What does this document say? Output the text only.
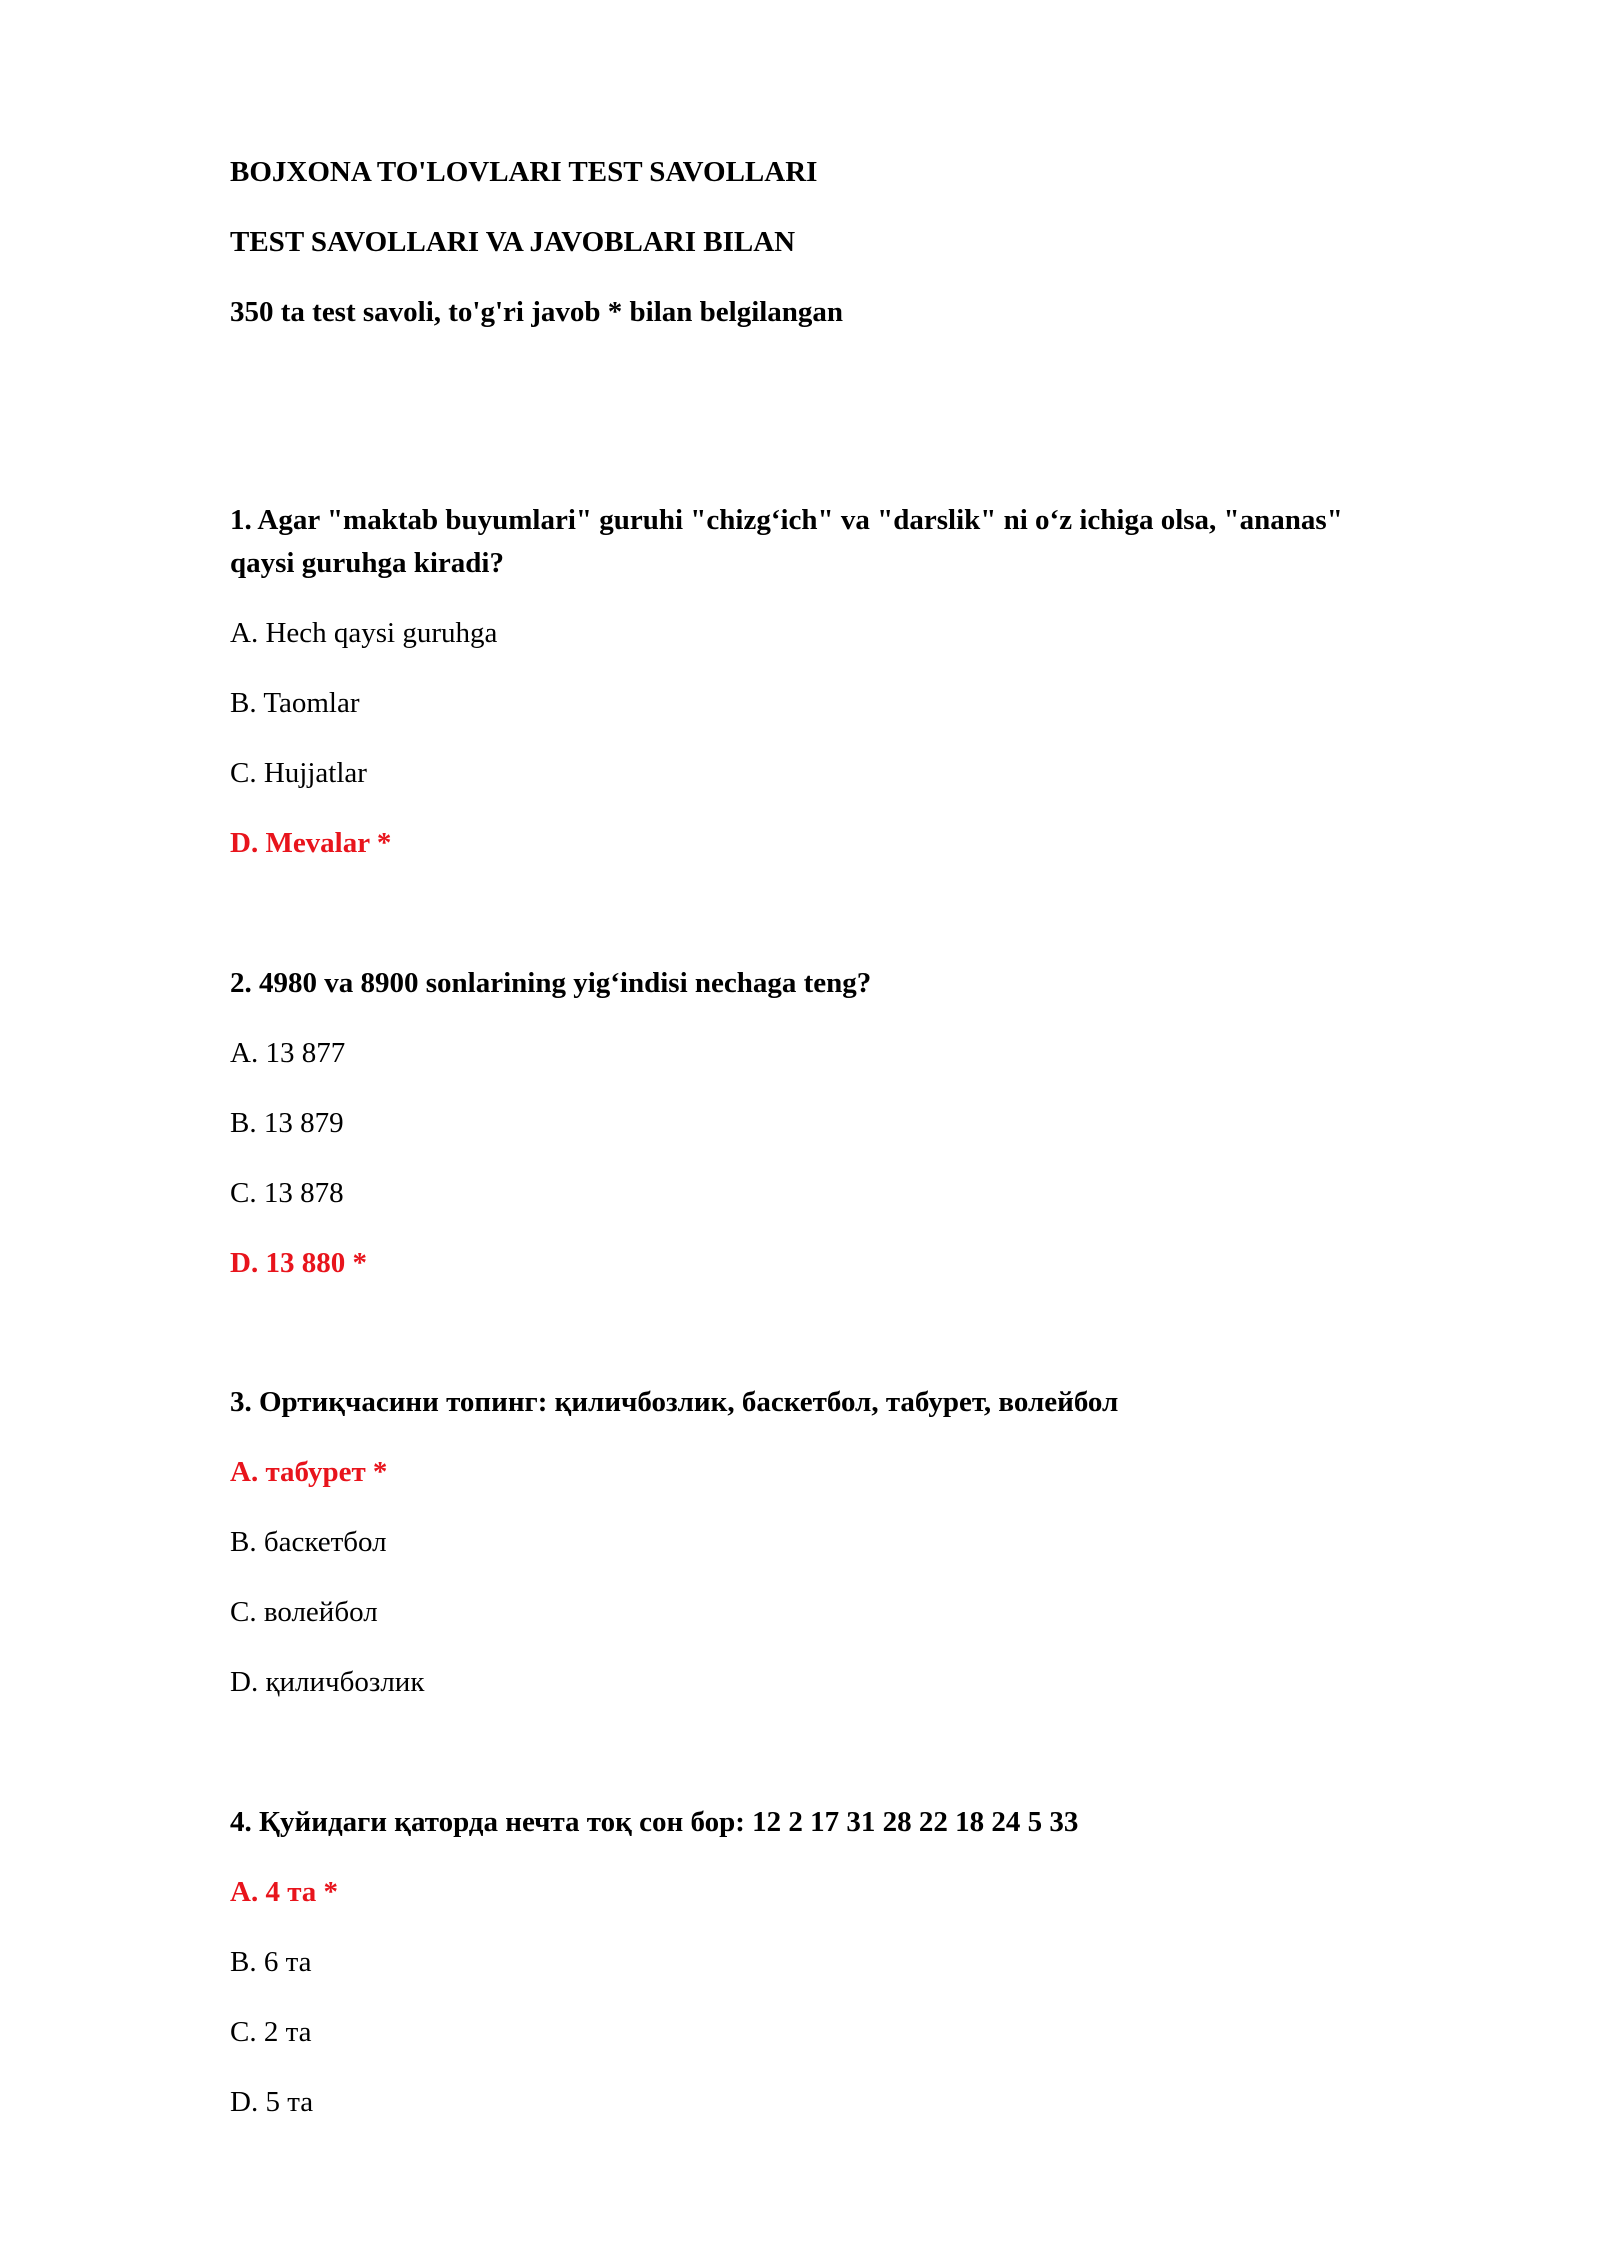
BOJXONA TO'LOVLARI TEST SAVOLLARI

TEST SAVOLLARI VA JAVOBLARI BILAN

350 ta test savoli, to'g'ri javob * bilan belgilangan

1. Agar "maktab buyumlari" guruhi "chizg‘ich" va "darslik" ni o‘z ichiga olsa, "ananas"

qaysi guruhga kiradi?

A. Hech qaysi guruhga

B. Taomlar

C. Hujjatlar

D. Mevalar *

2. 4980 va 8900 sonlarining yig‘indisi nechaga teng?

A. 13 877

B. 13 879

C. 13 878

D. 13 880 *

3. Ортиқчасини топинг: қиличбозлик, баскетбол, табурет, волейбол

A. табурет *

B. баскетбол

C. волейбол

D. қиличбозлик

4. Қуйидаги қаторда нечта тоқ сон бор: 12 2 17 31 28 22 18 24 5 33

A. 4 та *

B. 6 та

C. 2 та

D. 5 та
